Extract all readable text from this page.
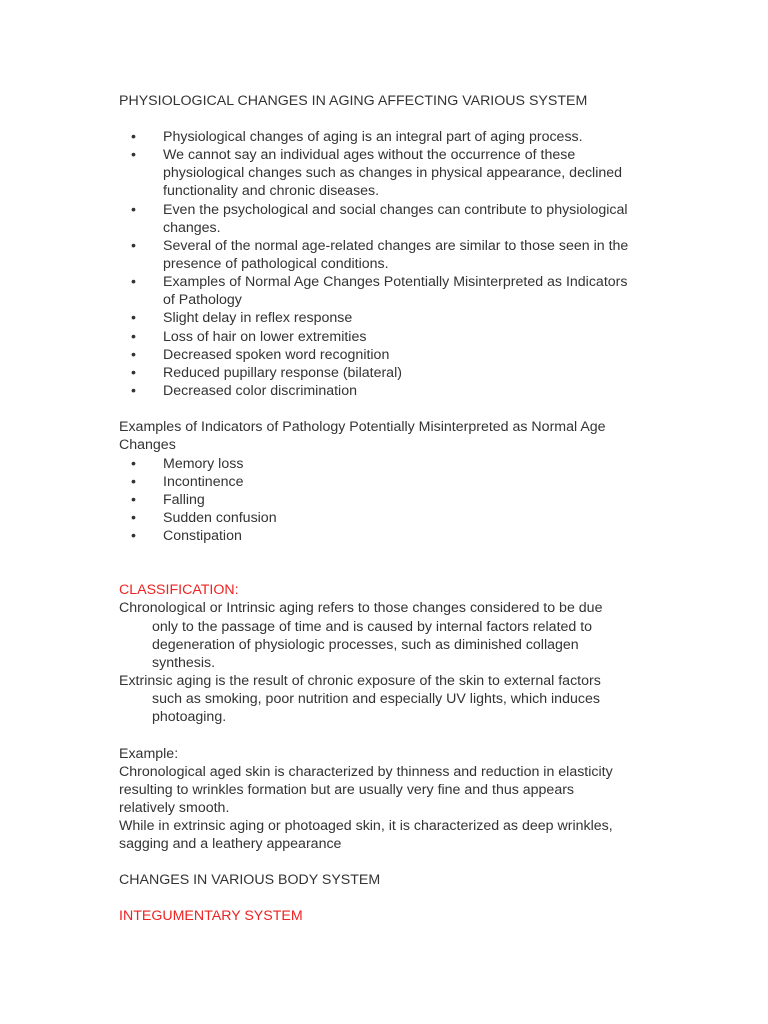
PHYSIOLOGICAL CHANGES IN AGING AFFECTING VARIOUS SYSTEM
• Physiological changes of aging is an integral part of aging process.
• We cannot say an individual ages without the occurrence of these
physiological changes such as changes in physical appearance, declined
functionality and chronic diseases.
• Even the psychological and social changes can contribute to physiological
changes.
• Several of the normal age-related changes are similar to those seen in the
presence of pathological conditions.
• Examples of Normal Age Changes Potentially Misinterpreted as Indicators
of Pathology
• Slight delay in reflex response
• Loss of hair on lower extremities
• Decreased spoken word recognition
• Reduced pupillary response (bilateral)
• Decreased color discrimination
Examples of Indicators of Pathology Potentially Misinterpreted as Normal Age
Changes
• Memory loss
• Incontinence
• Falling
• Sudden confusion
• Constipation
CLASSIFICATION:
Chronological or Intrinsic aging refers to those changes considered to be due
only to the passage of time and is caused by internal factors related to
degeneration of physiologic processes, such as diminished collagen
synthesis.
Extrinsic aging is the result of chronic exposure of the skin to external factors
such as smoking, poor nutrition and especially UV lights, which induces
photoaging.
Example:
Chronological aged skin is characterized by thinness and reduction in elasticity
resulting to wrinkles formation but are usually very fine and thus appears
relatively smooth.
While in extrinsic aging or photoaged skin, it is characterized as deep wrinkles,
sagging and a leathery appearance
CHANGES IN VARIOUS BODY SYSTEM
INTEGUMENTARY SYSTEM
